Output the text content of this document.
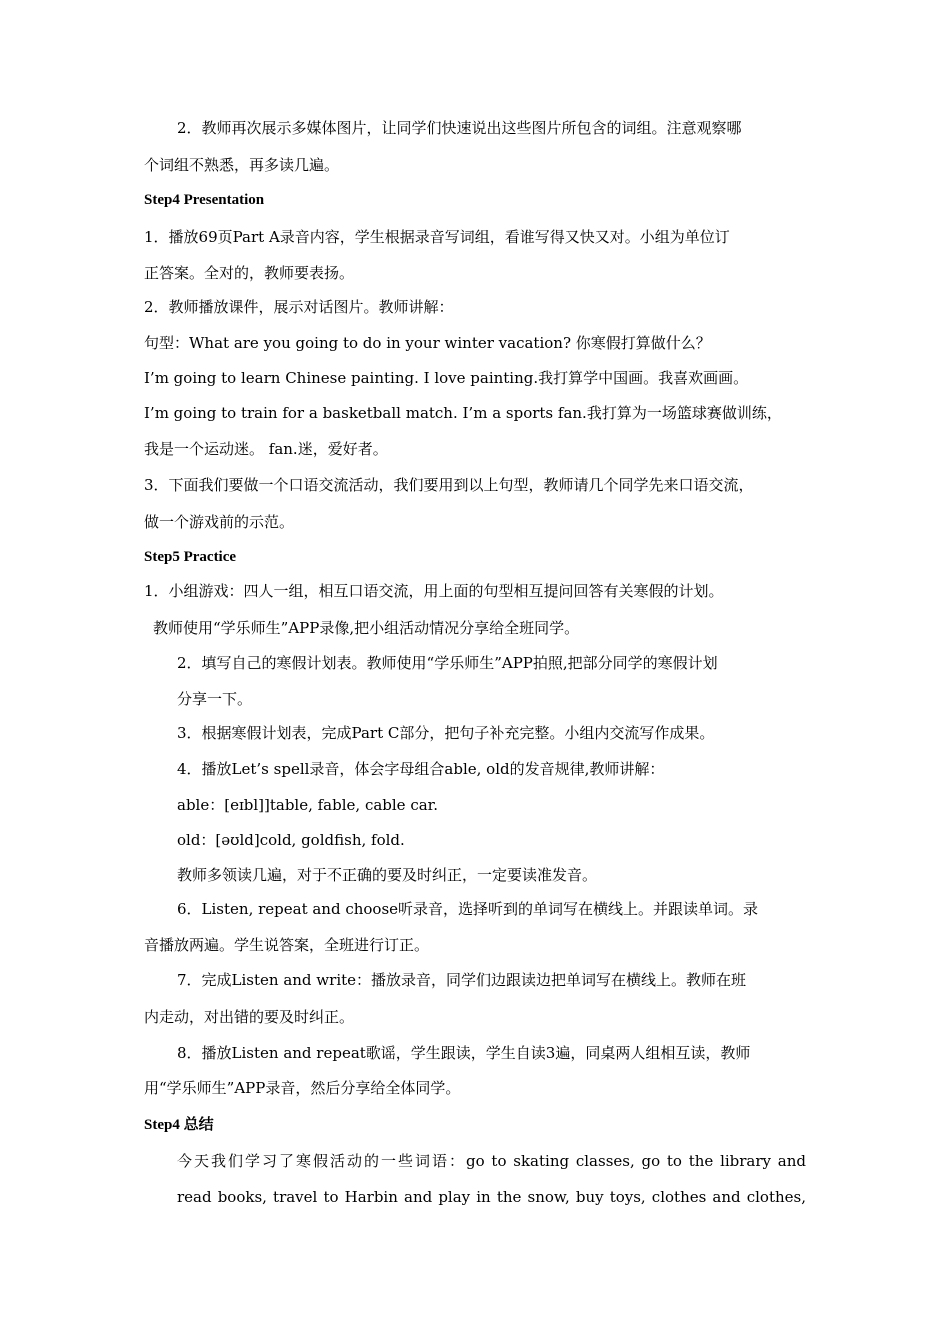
2．教师再次展示多媒体图片，让同学们快速说出这些图片所包含的词组。注意观察哪
个词组不熟悉，再多读几遍。
Step4 Presentation
1．播放69页Part A录音内容，学生根据录音写词组，看谁写得又快又对。小组为单位订
正答案。全对的，教师要表扬。
2．教师播放课件，展示对话图片。教师讲解：
句型：What are you going to do in your winter vacation? 你寒假打算做什么？
I’m going to learn Chinese painting. I love painting.我打算学中国画。我喜欢画画。
I’m going to train for a basketball match. I’m a sports fan.我打算为一场篮球赛做训练，
我是一个运动迷。 fan.迷，爱好者。
3．下面我们要做一个口语交流活动，我们要用到以上句型，教师请几个同学先来口语交流，
做一个游戏前的示范。
Step5 Practice
1．小组游戏：四人一组，相互口语交流，用上面的句型相互提问回答有关寒假的计划。
教师使用“学乐师生”APP录像,把小组活动情况分享给全班同学。
2．填写自己的寒假计划表。教师使用“学乐师生”APP拍照,把部分同学的寒假计划
分享一下。
3．根据寒假计划表，完成Part C部分，把句子补充完整。小组内交流写作成果。
4．播放Let’s spell录音，体会字母组合able, old的发音规律,教师讲解：
able：[eɪbl]]table, fable, cable car.
old：[əʊld]cold, goldfish, fold.
教师多领读几遍，对于不正确的要及时纠正，一定要读准发音。
6．Listen, repeat and choose听录音，选择听到的单词写在横线上。并跟读单词。录
音播放两遍。学生说答案，全班进行订正。
7．完成Listen and write：播放录音，同学们边跟读边把单词写在横线上。教师在班
内走动，对出错的要及时纠正。
8．播放Listen and repeat歌谣，学生跟读，学生自读3遍，同桌两人组相互读，教师
用“学乐师生”APP录音，然后分享给全体同学。
Step4 总结
今天我们学习了寒假活动的一些词语：go to skating classes, go to the library and
read books, travel to Harbin and play in the snow, buy toys, clothes and clothes,
